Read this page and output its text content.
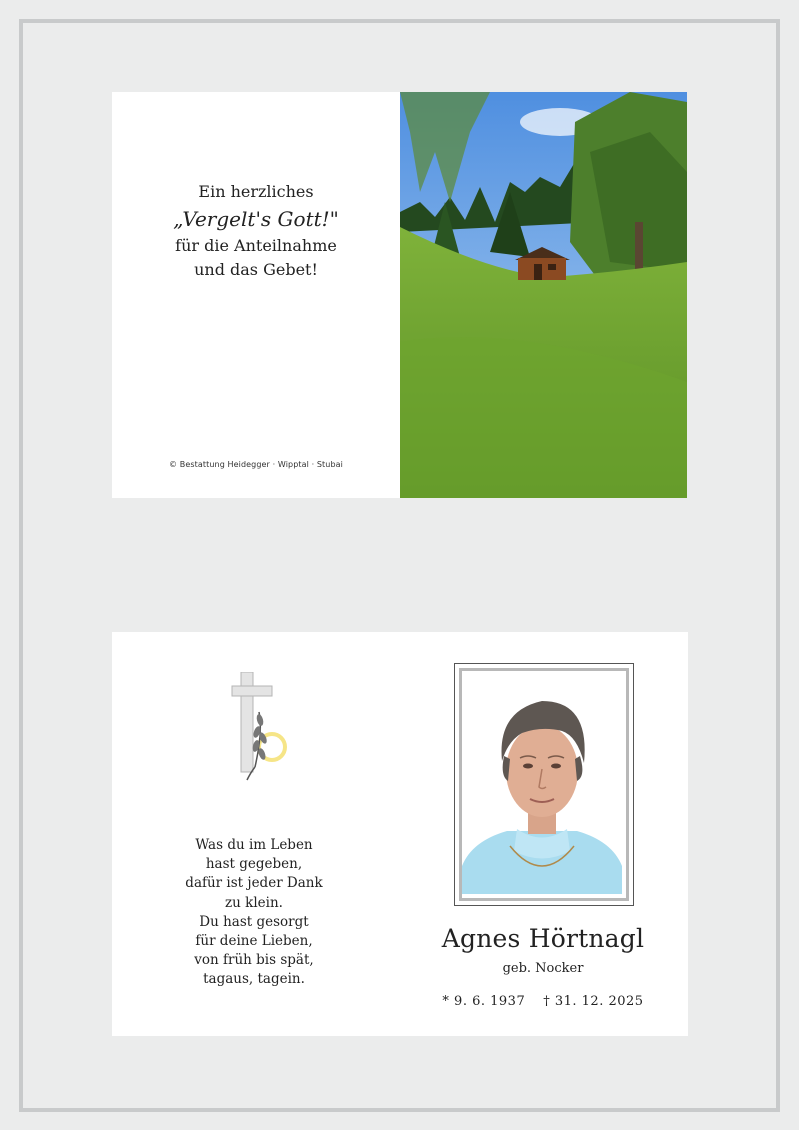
Ein herzliches
„Vergelt's Gott!"
für die Anteilnahme
und das Gebet!
© Bestattung Heidegger · Wipptal · Stubai
Was du im Leben
hast gegeben,
dafür ist jeder Dank
zu klein.
Du hast gesorgt
für deine Lieben,
von früh bis spät,
tagaus, tagein.
Agnes Hörtnagl
geb. Nocker
* 9. 6. 1937 † 31. 12. 2025
